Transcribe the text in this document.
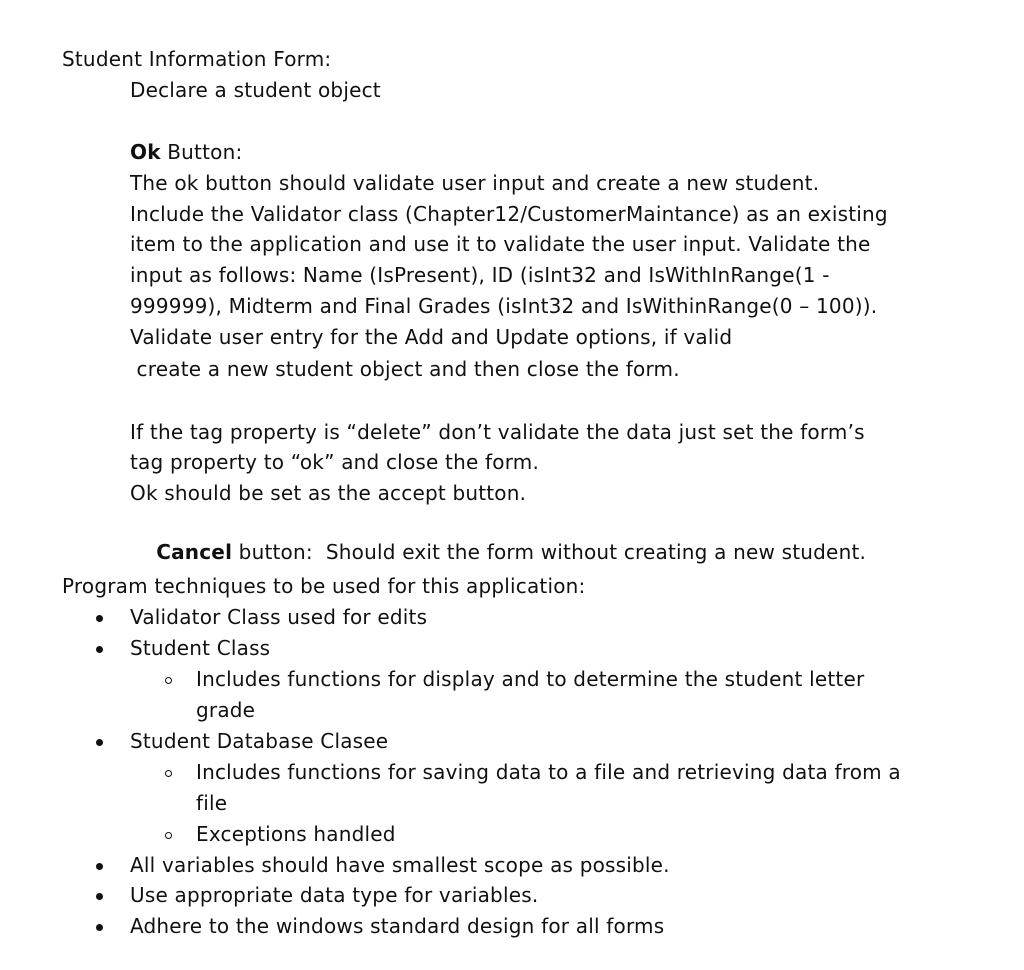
Student Information Form:
Declare a student object
Ok Button:
The ok button should validate user input and create a new student.
Include the Validator class (Chapter12/CustomerMaintance) as an existing
item to the application and use it to validate the user input. Validate the
input as follows: Name (IsPresent), ID (isInt32 and IsWithInRange(1 -
999999), Midterm and Final Grades (isInt32 and IsWithinRange(0 – 100)).
Validate user entry for the Add and Update options, if valid
create a new student object and then close the form.
If the tag property is “delete” don’t validate the data just set the form’s
tag property to “ok” and close the form.
Ok should be set as the accept button.

Cancel button:  Should exit the form without creating a new student.

Program techniques to be used for this application:
Validator Class used for edits
Student Class
Includes functions for display and to determine the student letter
grade
Student Database Clasee
Includes functions for saving data to a file and retrieving data from a
file
Exceptions handled
All variables should have smallest scope as possible.
Use appropriate data type for variables.
Adhere to the windows standard design for all forms
